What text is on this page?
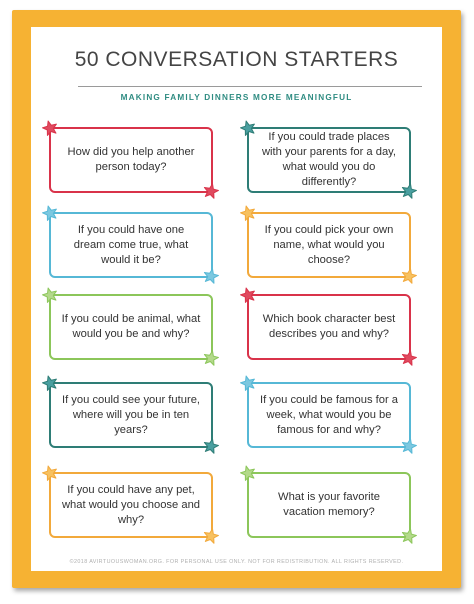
50 CONVERSATION STARTERS
MAKING FAMILY DINNERS MORE MEANINGFUL
How did you help another person today?
If you could trade places with your parents for a day, what would you do differently?
If you could have one dream come true, what would it be?
If you could pick your own name, what would you choose?
If you could be animal, what would you be and why?
Which book character best describes you and why?
If you could see your future, where will you be in ten years?
If you could be famous for a week, what would you be famous for and why?
If you could have any pet, what would you choose and why?
What is your favorite vacation memory?
©2018 AVIRTUOUSWOMAN.ORG. FOR PERSONAL USE ONLY. NOT FOR REDISTRIBUTION. ALL RIGHTS RESERVED.
